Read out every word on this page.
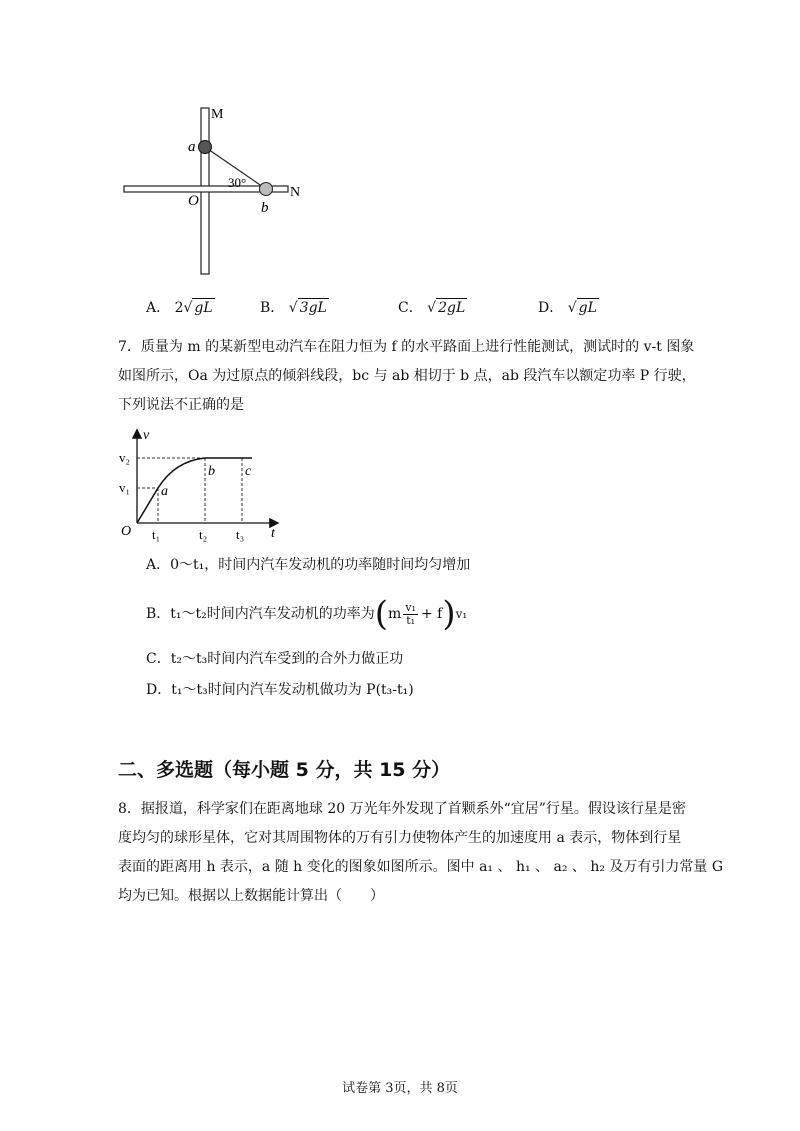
M
N
a
O	b
30°
A． 2√ gL	B． √ 3gL	C． √ 2gL	D． √ gL
7．质量为 m 的某新型电动汽车在阻力恒为 f 的水平路面上进行性能测试，测试时的 v-t 图象
如图所示，Oa 为过原点的倾斜线段，bc 与 ab 相切于 b 点，ab 段汽车以额定功率 P 行驶，
下列说法不正确的是
v
t
O
v₂
v₁
t₁	t₂ t₃
a
b c
A．0～t₁，时间内汽车发动机的功率随时间均匀增加
B．t₁～t₂时间内汽车发动机的功率为 ( m $\frac{\text{v₁}}{\text{t₁}} + f$ ) v₁
C．t₂～t₃时间内汽车受到的合外力做正功
D．t₁～t₃时间内汽车发动机做功为 P(t₃-t₁)
二、多选题（每小题 5 分，共 15 分）
8．据报道，科学家们在距离地球 20 万光年外发现了首颗系外“宜居”行星。假设该行星是密
度均匀的球形星体，它对其周围物体的万有引力使物体产生的加速度用 a 表示，物体到行星
表面的距离用 h 表示，a 随 h 变化的图象如图所示。图中 a₁ 、 h₁ 、 a₂ 、 h₂ 及万有引力常量 G
均为已知。根据以上数据能计算出（　　）
试卷第 3页，共 8页
